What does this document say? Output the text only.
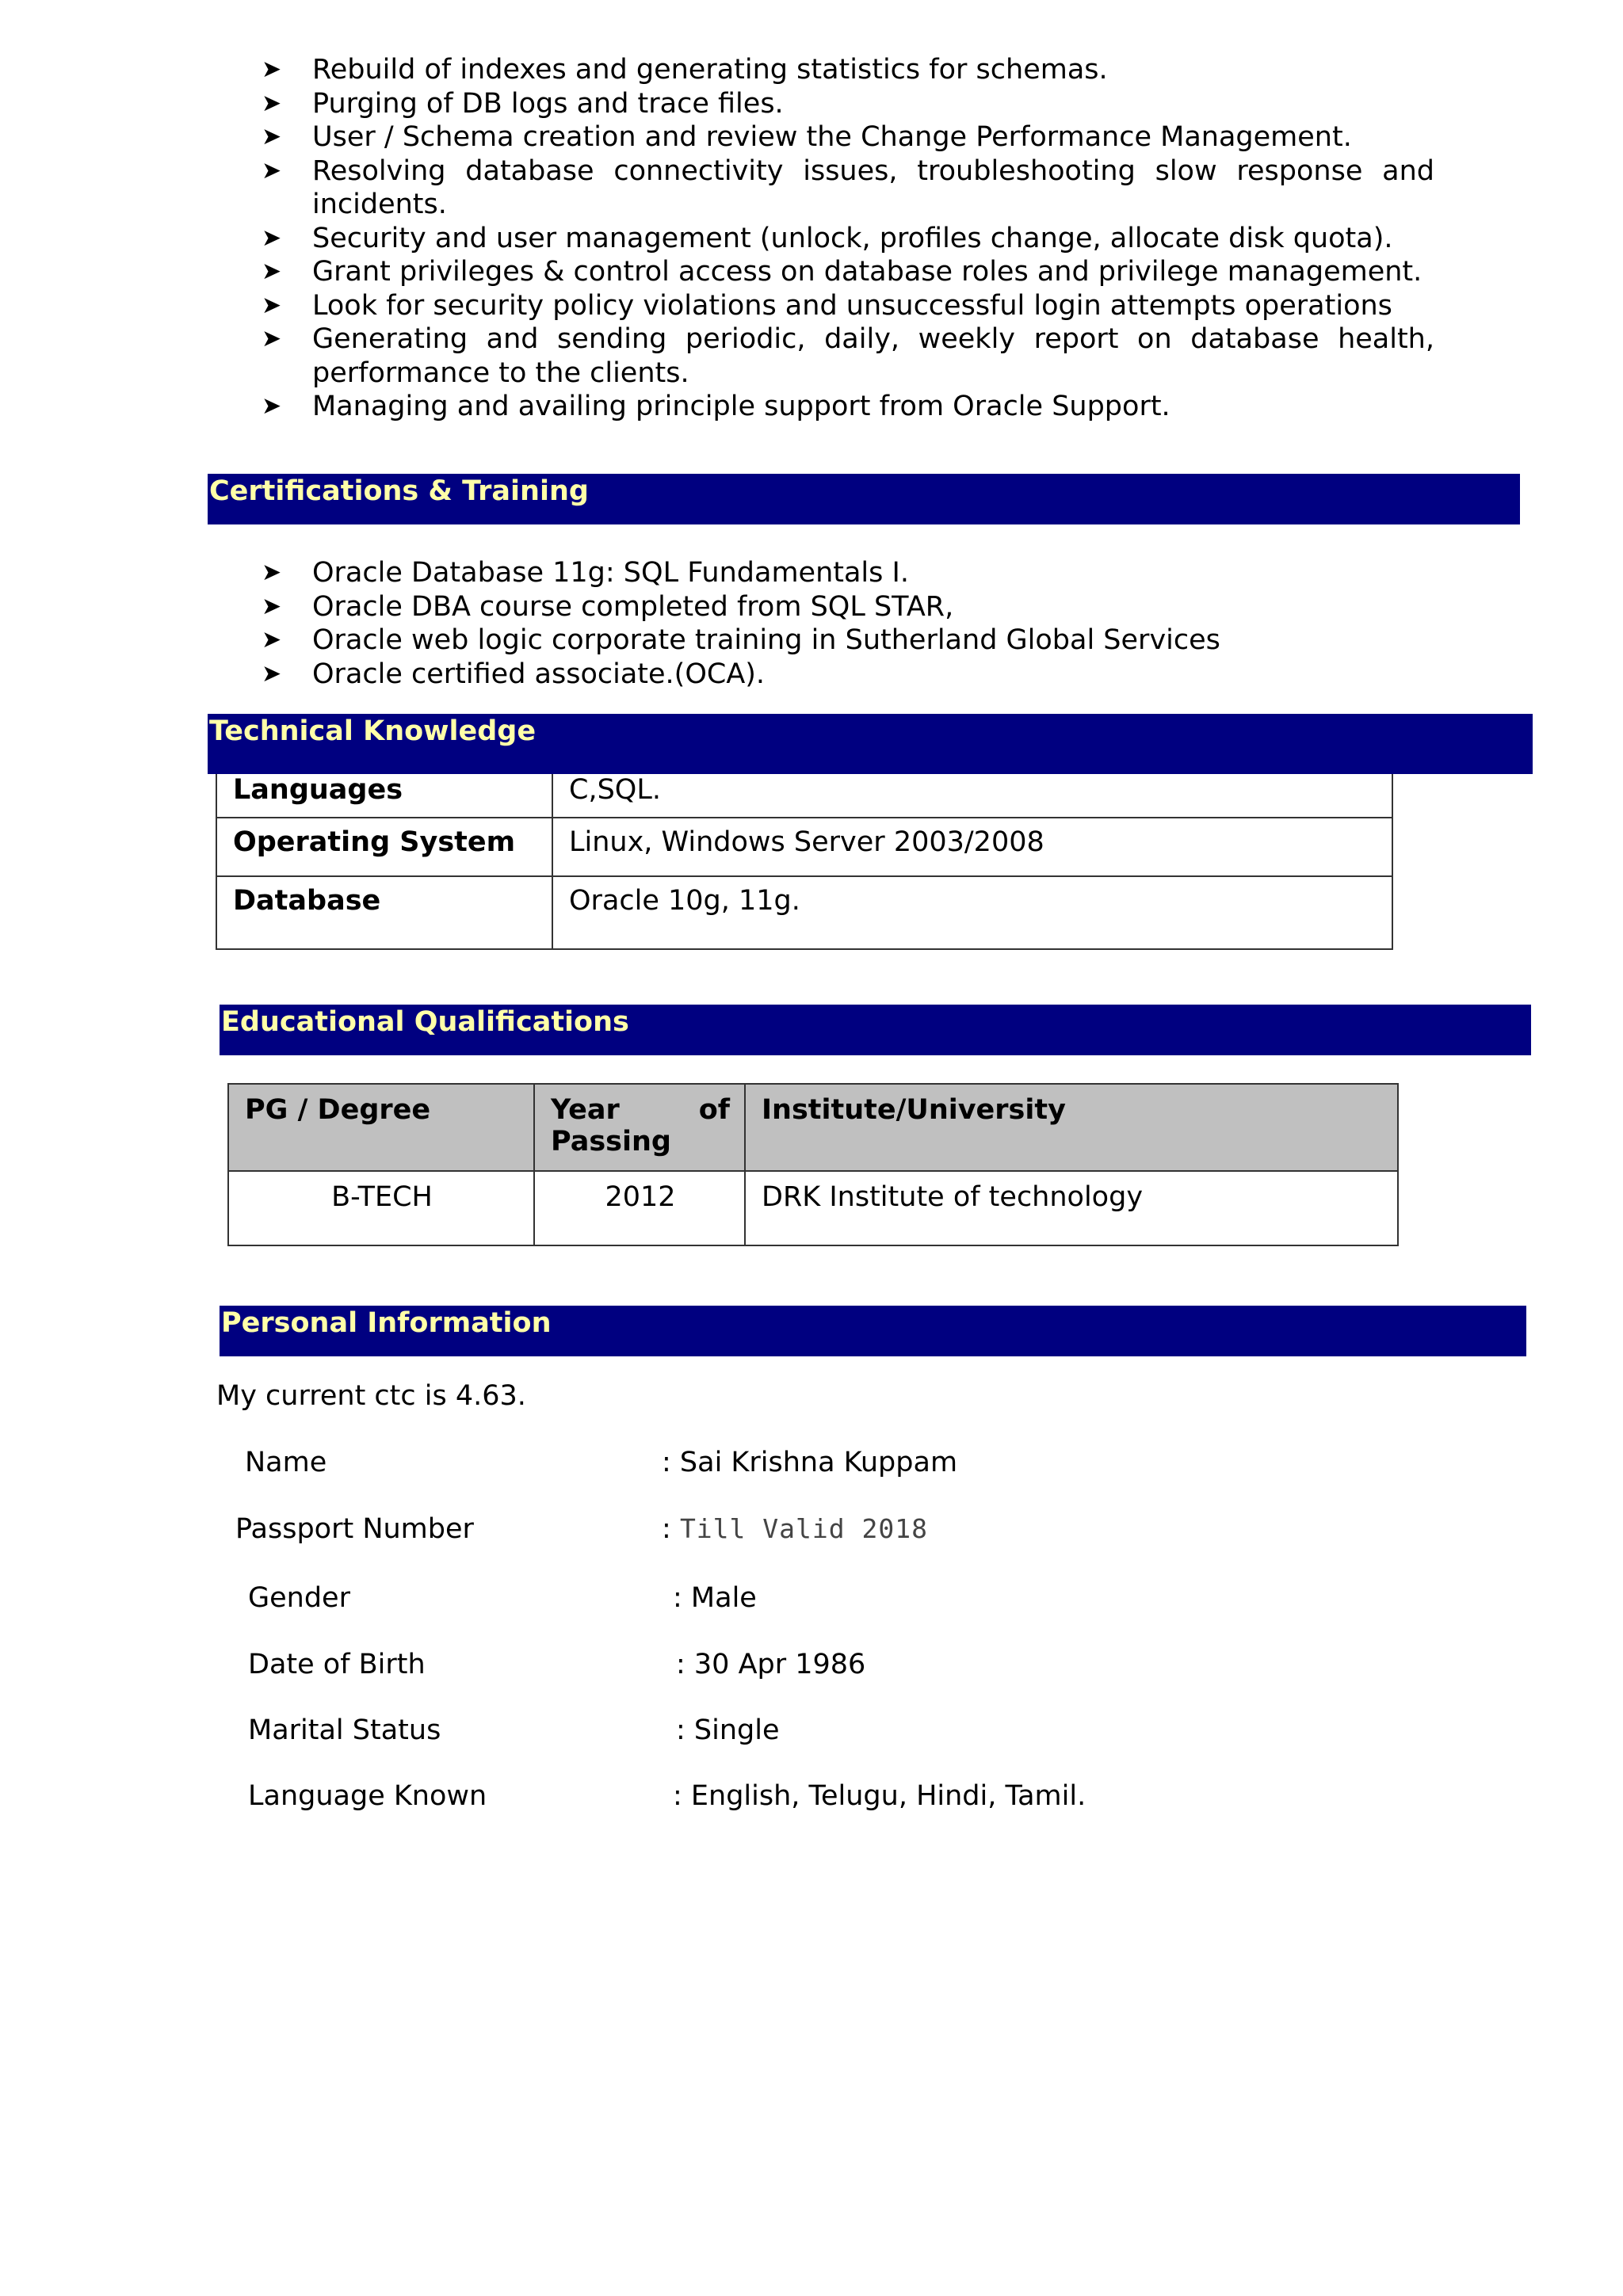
➤ Rebuild of indexes and generating statistics for schemas.
➤ Purging of DB logs and trace files.
➤ User / Schema creation and review the Change Performance Management.
➤ Resolving database connectivity issues, troubleshooting slow response and incidents.
➤ Security and user management (unlock, profiles change, allocate disk quota).
➤ Grant privileges & control access on database roles and privilege management.
➤ Look for security policy violations and unsuccessful login attempts operations
➤ Generating and sending periodic, daily, weekly report on database health, performance to the clients.
➤ Managing and availing principle support from Oracle Support.
Certifications & Training
➤ Oracle Database 11g: SQL Fundamentals I.
➤ Oracle DBA course completed from SQL STAR,
➤ Oracle web logic corporate training in Sutherland Global Services
➤ Oracle certified associate.(OCA).
Technical Knowledge
Languages	C,SQL.
Operating System	Linux, Windows Server 2003/2008
Database	Oracle 10g, 11g.
Educational Qualifications
PG / Degree	Year of Passing	Institute/University
B-TECH	2012	DRK Institute of technology
Personal Information
My current ctc is 4.63.
Name	: Sai Krishna Kuppam
Passport Number	: Till Valid 2018
Gender	: Male
Date of Birth	: 30 Apr 1986
Marital Status	: Single
Language Known	: English, Telugu, Hindi, Tamil.
